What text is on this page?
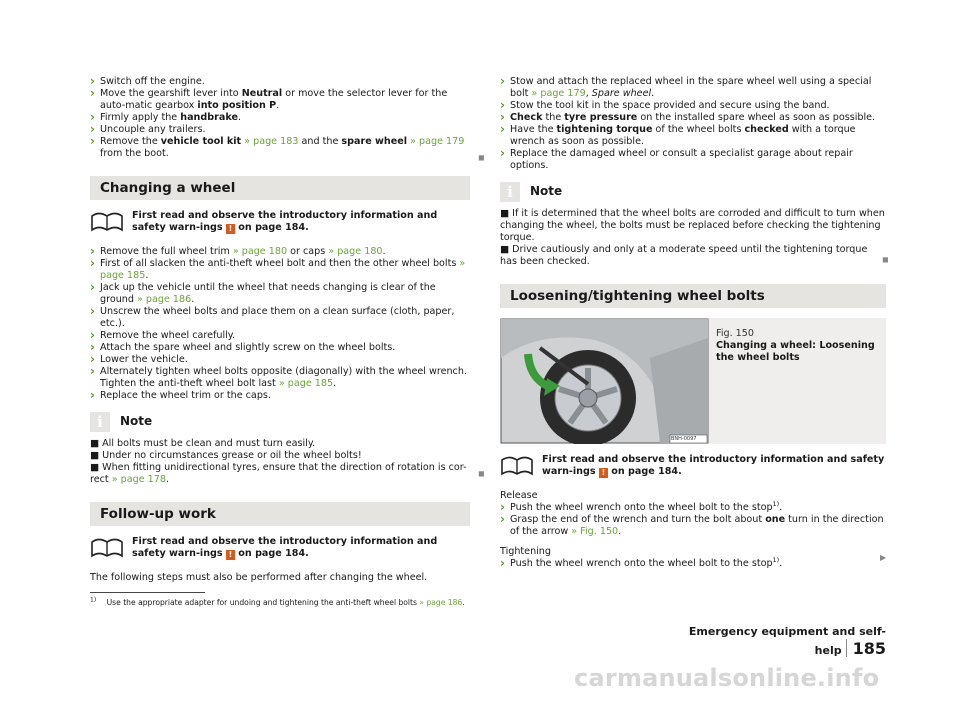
› Switch off the engine.
› Move the gearshift lever into Neutral or move the selector lever for the auto-matic gearbox into position P.
› Firmly apply the handbrake.
› Uncouple any trailers.
› Remove the vehicle tool kit » page 183 and the spare wheel » page 179 from the boot.	◼
Changing a wheel
First read and observe the introductory information and safety warn-ings ! on page 184.
› Remove the full wheel trim » page 180 or caps » page 180.
› First of all slacken the anti-theft wheel bolt and then the other wheel bolts » page 185.
› Jack up the vehicle until the wheel that needs changing is clear of the ground » page 186.
› Unscrew the wheel bolts and place them on a clean surface (cloth, paper, etc.).
› Remove the wheel carefully.
› Attach the spare wheel and slightly screw on the wheel bolts.
› Lower the vehicle.
› Alternately tighten wheel bolts opposite (diagonally) with the wheel wrench. Tighten the anti-theft wheel bolt last » page 185.
› Replace the wheel trim or the caps.
i
Note
■ All bolts must be clean and must turn easily.
■ Under no circumstances grease or oil the wheel bolts!
■ When fitting unidirectional tyres, ensure that the direction of rotation is cor-rect » page 178.
◼
Follow-up work
First read and observe the introductory information and safety warn-ings ! on page 184.

The following steps must also be performed after changing the wheel.

› Stow and attach the replaced wheel in the spare wheel well using a special bolt » page 179, Spare wheel.
› Stow the tool kit in the space provided and secure using the band.
› Check the tyre pressure on the installed spare wheel as soon as possible.
› Have the tightening torque of the wheel bolts checked with a torque wrench as soon as possible.
› Replace the damaged wheel or consult a specialist garage about repair options.
i
Note
■ If it is determined that the wheel bolts are corroded and difficult to turn when changing the wheel, the bolts must be replaced before checking the tightening torque.
■ Drive cautiously and only at a moderate speed until the tightening torque has been checked.	◼
Loosening/tightening wheel bolts
BNH-0097
Fig. 150
Changing a wheel: Loosening the wheel bolts
First read and observe the introductory information and safety warn-ings ! on page 184.
Release
› Push the wheel wrench onto the wheel bolt to the stop$^{1)}$.
› Grasp the end of the wrench and turn the bolt about one turn in the direction of the arrow » Fig. 150.
Tightening
› Push the wheel wrench onto the wheel bolt to the stop$^{1)}$.
▶
$^{1)}$ Use the appropriate adapter for undoing and tightening the anti-theft wheel bolts » page 186.
Emergency equipment and self-help 185
carmanualsonline.info
